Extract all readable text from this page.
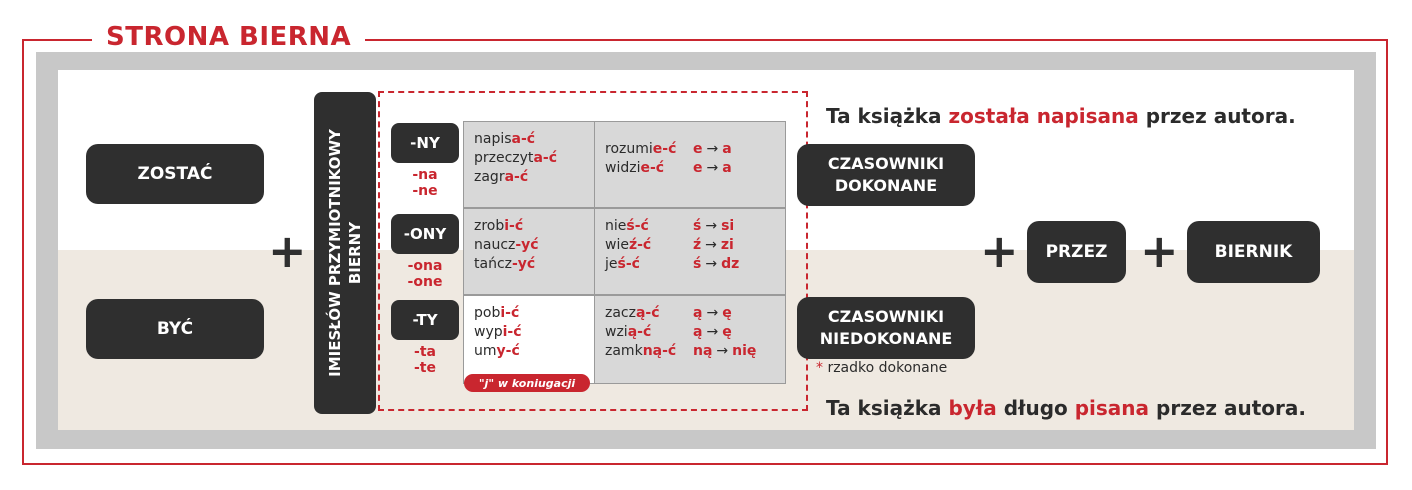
STRONA BIERNA
ZOSTAĆ
BYĆ
+ IMIESŁÓW PRZYMIOTNIKOWY BIERNY
-NY
-na
-ne
-ONY
-ona
-one
-TY
-ta
-te
napisa-ć
przeczyta-ć
zagra-ć
rozumie-ć e → a
widzie-ć e → a
zrobi-ć
naucz-yć
tańcz-yć
nieś-ć	ś → si
wieź-ć	ź → zi
jeś-ć	ś → dz
pobi-ć
wypi-ć
umy-ć
zaczą-ć ą → ę
wzią-ć	ą → ę
zamkną-ć ną → nię
"j" w koniugacji
Ta książka została napisana przez autora.
CZASOWNIKI
DOKONANE
CZASOWNIKI
NIEDOKONANE
* rzadko dokonane
+ PRZEZ + BIERNIK
Ta książka była długo pisana przez autora.
